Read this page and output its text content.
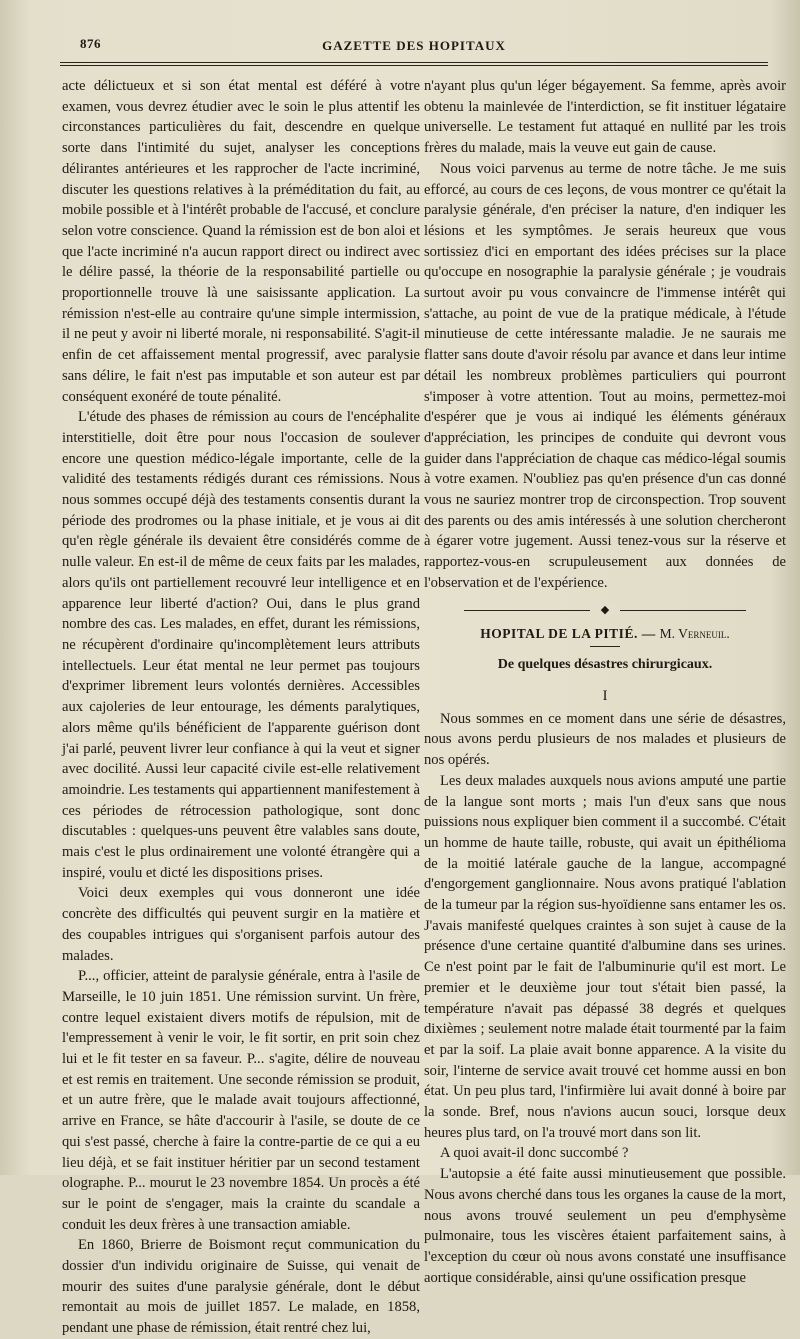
876	GAZETTE DES HOPITAUX

acte délictueux et si son état mental est déféré à votre examen, vous devrez étudier avec le soin le plus attentif les circonstances particulières du fait, descendre en quelque sorte dans l'intimité du sujet, analyser les conceptions délirantes antérieures et les rapprocher de l'acte incriminé, discuter les questions relatives à la préméditation du fait, au mobile possible et à l'intérêt probable de l'accusé, et conclure selon votre conscience. Quand la rémission est de bon aloi et que l'acte incriminé n'a aucun rapport direct ou indirect avec le délire passé, la théorie de la responsabilité partielle ou proportionnelle trouve là une saisissante application. La rémission n'est-elle au contraire qu'une simple intermission, il ne peut y avoir ni liberté morale, ni responsabilité. S'agit-il enfin de cet affaissement mental progressif, avec paralysie sans délire, le fait n'est pas imputable et son auteur est par conséquent exonéré de toute pénalité.

L'étude des phases de rémission au cours de l'encéphalite interstitielle, doit être pour nous l'occasion de soulever encore une question médico-légale importante, celle de la validité des testaments rédigés durant ces rémissions. Nous nous sommes occupé déjà des testaments consentis durant la période des prodromes ou la phase initiale, et je vous ai dit qu'en règle générale ils devaient être considérés comme de nulle valeur. En est-il de même de ceux faits par les malades, alors qu'ils ont partiellement recouvré leur intelligence et en apparence leur liberté d'action? Oui, dans le plus grand nombre des cas. Les malades, en effet, durant les rémissions, ne récupèrent d'ordinaire qu'incomplètement leurs attributs intellectuels. Leur état mental ne leur permet pas toujours d'exprimer librement leurs volontés dernières. Accessibles aux cajoleries de leur entourage, les déments paralytiques, alors même qu'ils bénéficient de l'apparente guérison dont j'ai parlé, peuvent livrer leur confiance à qui la veut et signer avec docilité. Aussi leur capacité civile est-elle relativement amoindrie. Les testaments qui appartiennent manifestement à ces périodes de rétrocession pathologique, sont donc discutables : quelques-uns peuvent être valables sans doute, mais c'est le plus ordinairement une volonté étrangère qui a inspiré, voulu et dicté les dispositions prises.

Voici deux exemples qui vous donneront une idée concrète des difficultés qui peuvent surgir en la matière et des coupables intrigues qui s'organisent parfois autour des malades.

P..., officier, atteint de paralysie générale, entra à l'asile de Marseille, le 10 juin 1851. Une rémission survint. Un frère, contre lequel existaient divers motifs de répulsion, mit de l'empressement à venir le voir, le fit sortir, en prit soin chez lui et le fit tester en sa faveur. P... s'agite, délire de nouveau et est remis en traitement. Une seconde rémission se produit, et un autre frère, que le malade avait toujours affectionné, arrive en France, se hâte d'accourir à l'asile, se doute de ce qui s'est passé, cherche à faire la contre-partie de ce qui a eu lieu déjà, et se fait instituer héritier par un second testament olographe. P... mourut le 23 novembre 1854. Un procès a été sur le point de s'engager, mais la crainte du scandale a conduit les deux frères à une transaction amiable.

En 1860, Brierre de Boismont reçut communication du dossier d'un individu originaire de Suisse, qui venait de mourir des suites d'une paralysie générale, dont le début remontait au mois de juillet 1857. Le malade, en 1858, pendant une phase de rémission, était rentré chez lui,

n'ayant plus qu'un léger bégayement. Sa femme, après avoir obtenu la mainlevée de l'interdiction, se fit instituer légataire universelle. Le testament fut attaqué en nullité par les trois frères du malade, mais la veuve eut gain de cause.

Nous voici parvenus au terme de notre tâche. Je me suis efforcé, au cours de ces leçons, de vous montrer ce qu'était la paralysie générale, d'en préciser la nature, d'en indiquer les lésions et les symptômes. Je serais heureux que vous sortissiez d'ici en emportant des idées précises sur la place qu'occupe en nosographie la paralysie générale ; je voudrais surtout avoir pu vous convaincre de l'immense intérêt qui s'attache, au point de vue de la pratique médicale, à l'étude minutieuse de cette intéressante maladie. Je ne saurais me flatter sans doute d'avoir résolu par avance et dans leur intime détail les nombreux problèmes particuliers qui pourront s'imposer à votre attention. Tout au moins, permettez-moi d'espérer que je vous ai indiqué les éléments généraux d'appréciation, les principes de conduite qui devront vous guider dans l'appréciation de chaque cas médico-légal soumis à votre examen. N'oubliez pas qu'en présence d'un cas donné vous ne sauriez montrer trop de circonspection. Trop souvent des parents ou des amis intéressés à une solution chercheront à égarer votre jugement. Aussi tenez-vous sur la réserve et rapportez-vous-en scrupuleusement aux données de l'observation et de l'expérience.

◆
HOPITAL DE LA PITIÉ. — M. Verneuil.
De quelques désastres chirurgicaux.
I

Nous sommes en ce moment dans une série de désastres, nous avons perdu plusieurs de nos malades et plusieurs de nos opérés.

Les deux malades auxquels nous avions amputé une partie de la langue sont morts ; mais l'un d'eux sans que nous puissions nous expliquer bien comment il a succombé. C'était un homme de haute taille, robuste, qui avait un épithélioma de la moitié latérale gauche de la langue, accompagné d'engorgement ganglionnaire. Nous avons pratiqué l'ablation de la tumeur par la région sus-hyoïdienne sans entamer les os. J'avais manifesté quelques craintes à son sujet à cause de la présence d'une certaine quantité d'albumine dans ses urines. Ce n'est point par le fait de l'albuminurie qu'il est mort. Le premier et le deuxième jour tout s'était bien passé, la température n'avait pas dépassé 38 degrés et quelques dixièmes ; seulement notre malade était tourmenté par la faim et par la soif. La plaie avait bonne apparence. A la visite du soir, l'interne de service avait trouvé cet homme aussi en bon état. Un peu plus tard, l'infirmière lui avait donné à boire par la sonde. Bref, nous n'avions aucun souci, lorsque deux heures plus tard, on l'a trouvé mort dans son lit.

A quoi avait-il donc succombé ?

L'autopsie a été faite aussi minutieusement que possible. Nous avons cherché dans tous les organes la cause de la mort, nous avons trouvé seulement un peu d'emphysème pulmonaire, tous les viscères étaient parfaitement sains, à l'exception du cœur où nous avons constaté une insuffisance aortique considérable, ainsi qu'une ossification presque
